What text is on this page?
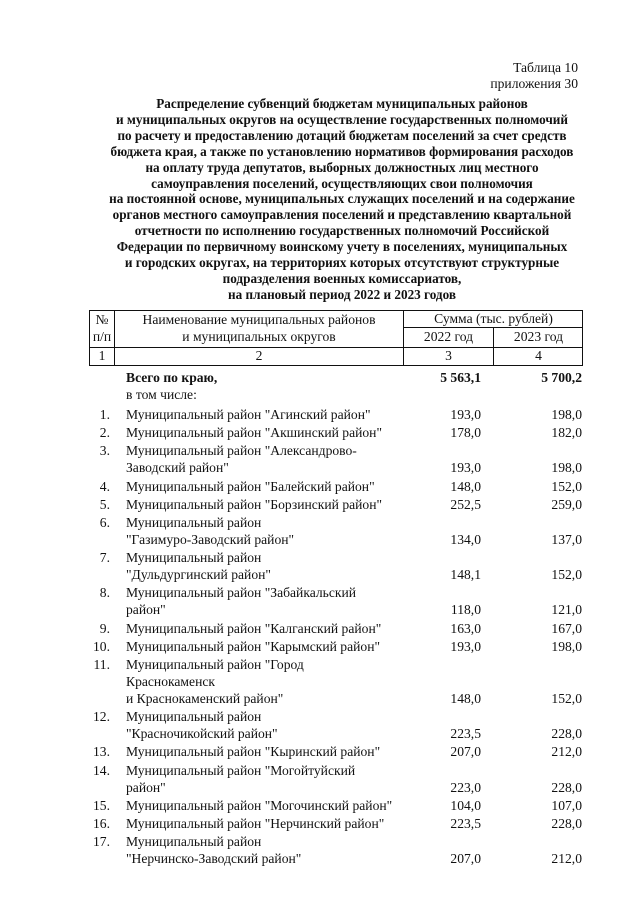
Таблица 10
приложения 30
Распределение субвенций бюджетам муниципальных районов
и муниципальных округов на осуществление государственных полномочий
по расчету и предоставлению дотаций бюджетам поселений за счет средств
бюджета края, а также по установлению нормативов формирования расходов
на оплату труда депутатов, выборных должностных лиц местного
самоуправления поселений, осуществляющих свои полномочия
на постоянной основе, муниципальных служащих поселений и на содержание
органов местного самоуправления поселений и представлению квартальной
отчетности по исполнению государственных полномочий Российской
Федерации по первичному воинскому учету в поселениях, муниципальных
и городских округах, на территориях которых отсутствуют структурные
подразделения военных комиссариатов,
на плановый период 2022 и 2023 годов
№
п/п
Наименование муниципальных районов
и муниципальных округов
Сумма (тыс. рублей)
2022 год	2023 год
1	2	3	4
Всего по краю,	5 563,1	5 700,2
в том числе:
1. Муниципальный район "Агинский район"	193,0	198,0
2. Муниципальный район "Акшинский район"	178,0	182,0
3. Муниципальный район "Александрово-
Заводский район"	193,0	198,0
4. Муниципальный район "Балейский район"	148,0	152,0
5. Муниципальный район "Борзинский район"	252,5	259,0
6. Муниципальный район
"Газимуро-Заводский район"	134,0	137,0
7. Муниципальный район
"Дульдургинский район"	148,1	152,0
8. Муниципальный район "Забайкальский
район"	118,0	121,0
9. Муниципальный район "Калганский район"	163,0	167,0
10. Муниципальный район "Карымский район"	193,0	198,0
11. Муниципальный район "Город
Краснокаменск
и Краснокаменский район"	148,0	152,0
12. Муниципальный район
"Красночикойский район"	223,5	228,0
13. Муниципальный район "Кыринский район"	207,0	212,0
14. Муниципальный район "Могойтуйский
район"	223,0	228,0
15. Муниципальный район "Могочинский район"	104,0	107,0
16. Муниципальный район "Нерчинский район"	223,5	228,0
17. Муниципальный район
"Нерчинско-Заводский район"	207,0	212,0
